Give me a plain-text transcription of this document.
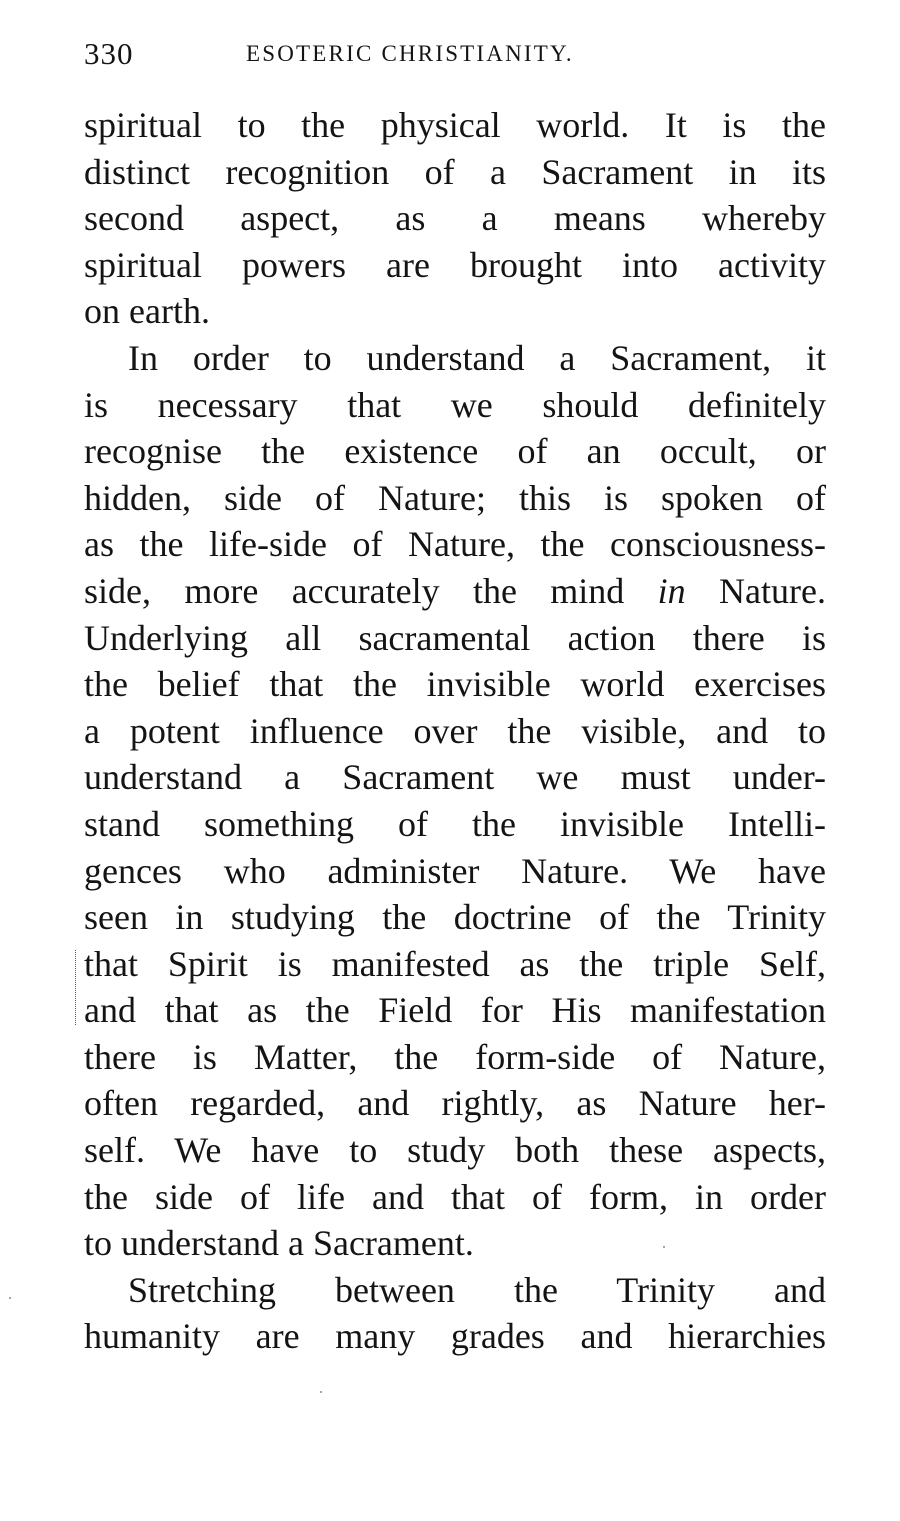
330	ESOTERIC CHRISTIANITY.
spiritual to the physical world. It is the
distinct recognition of a Sacrament in its
second aspect, as a means whereby
spiritual powers are brought into activity
on earth.
In order to understand a Sacrament, it
is necessary that we should definitely
recognise the existence of an occult, or
hidden, side of Nature; this is spoken of
as the life-side of Nature, the consciousness-
side, more accurately the mind in Nature.
Underlying all sacramental action there is
the belief that the invisible world exercises
a potent influence over the visible, and to
understand a Sacrament we must under-
stand something of the invisible Intelli-
gences who administer Nature. We have
seen in studying the doctrine of the Trinity
that Spirit is manifested as the triple Self,
and that as the Field for His manifestation
there is Matter, the form-side of Nature,
often regarded, and rightly, as Nature her-
self. We have to study both these aspects,
the side of life and that of form, in order
to understand a Sacrament.
Stretching between the Trinity and
humanity are many grades and hierarchies
